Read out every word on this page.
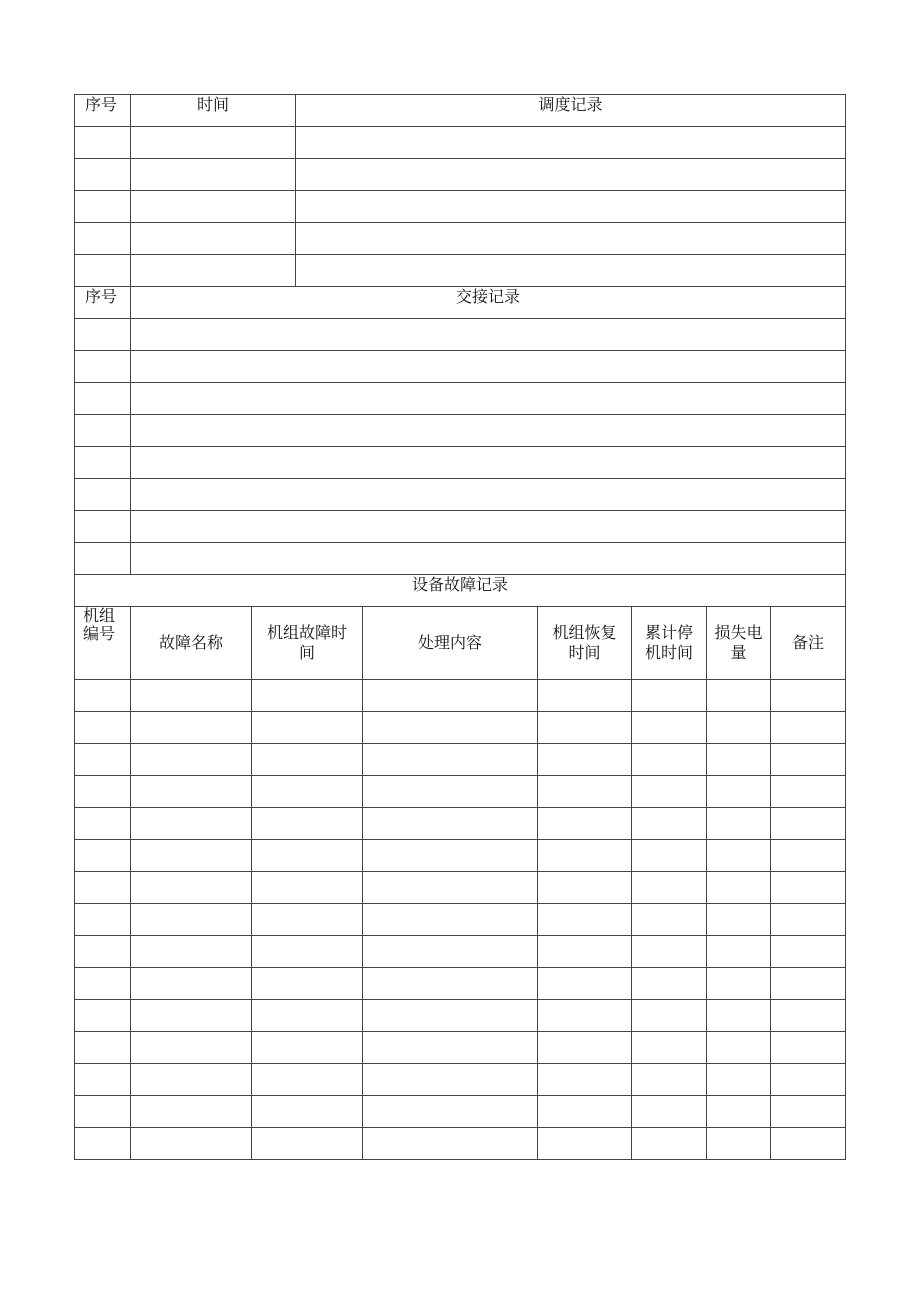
序号	时间	调度记录

序号	交接记录

设备故障记录							
机组编号	故障名称	机组故障时间	处理内容	机组恢复时间	累计停机时间	损失电量	备注
